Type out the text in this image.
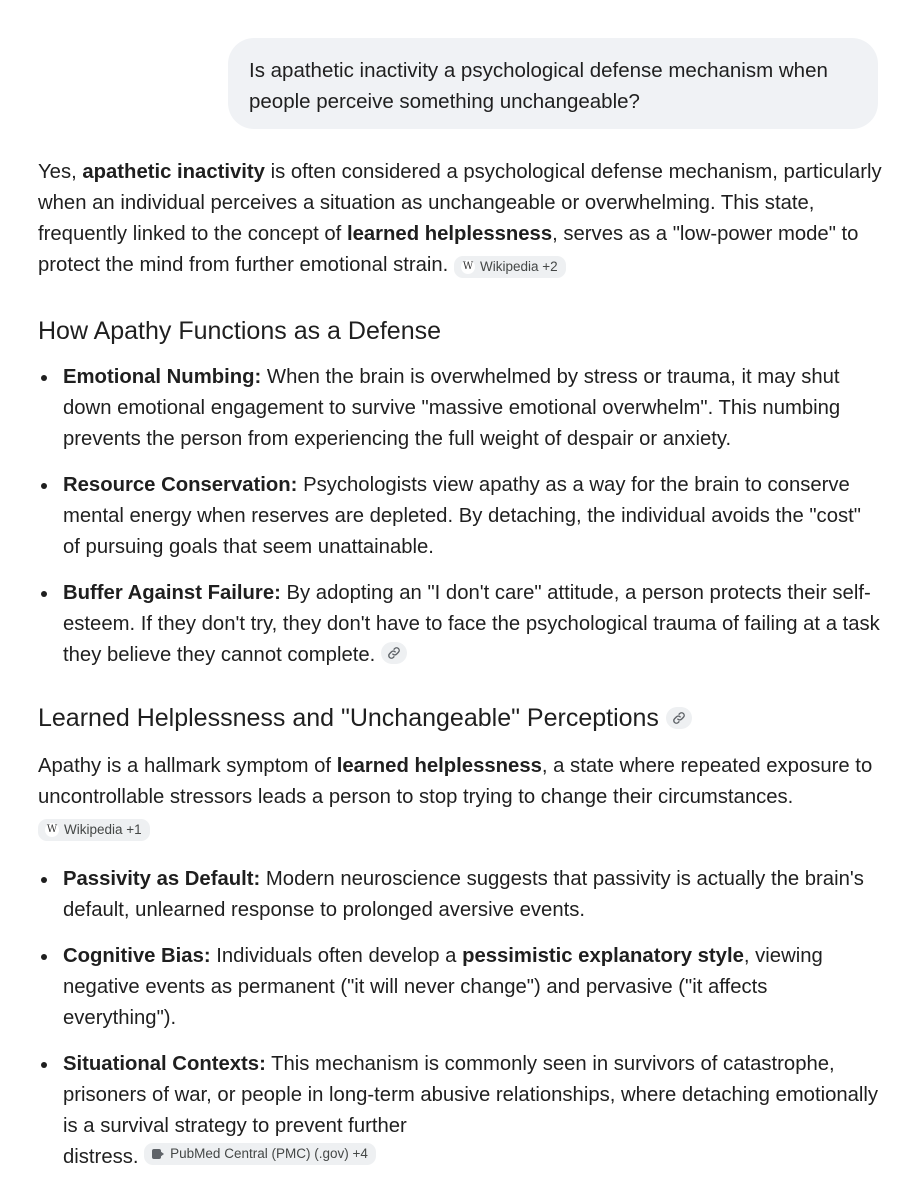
Is apathetic inactivity a psychological defense mechanism when people perceive something unchangeable?

Yes, apathetic inactivity is often considered a psychological defense mechanism, particularly when an individual perceives a situation as unchangeable or overwhelming. This state, frequently linked to the concept of learned helplessness, serves as a "low-power mode" to protect the mind from further emotional strain. W Wikipedia +2

How Apathy Functions as a Defense
Emotional Numbing: When the brain is overwhelmed by stress or trauma, it may shut down emotional engagement to survive "massive emotional overwhelm". This numbing prevents the person from experiencing the full weight of despair or anxiety.
Resource Conservation: Psychologists view apathy as a way for the brain to conserve mental energy when reserves are depleted. By detaching, the individual avoids the "cost" of pursuing goals that seem unattainable.
Buffer Against Failure: By adopting an "I don't care" attitude, a person protects their self-esteem. If they don't try, they don't have to face the psychological trauma of failing at a task they believe they cannot complete.
Learned Helplessness and "Unchangeable" Perceptions

Apathy is a hallmark symptom of learned helplessness, a state where repeated exposure to uncontrollable stressors leads a person to stop trying to change their circumstances.
W Wikipedia +1

Passivity as Default: Modern neuroscience suggests that passivity is actually the brain's default, unlearned response to prolonged aversive events.
Cognitive Bias: Individuals often develop a pessimistic explanatory style, viewing negative events as permanent ("it will never change") and pervasive ("it affects everything").
Situational Contexts: This mechanism is commonly seen in survivors of catastrophe, prisoners of war, or people in long-term abusive relationships, where detaching emotionally is a survival strategy to prevent further
distress. PubMed Central (PMC) (.gov) +4
